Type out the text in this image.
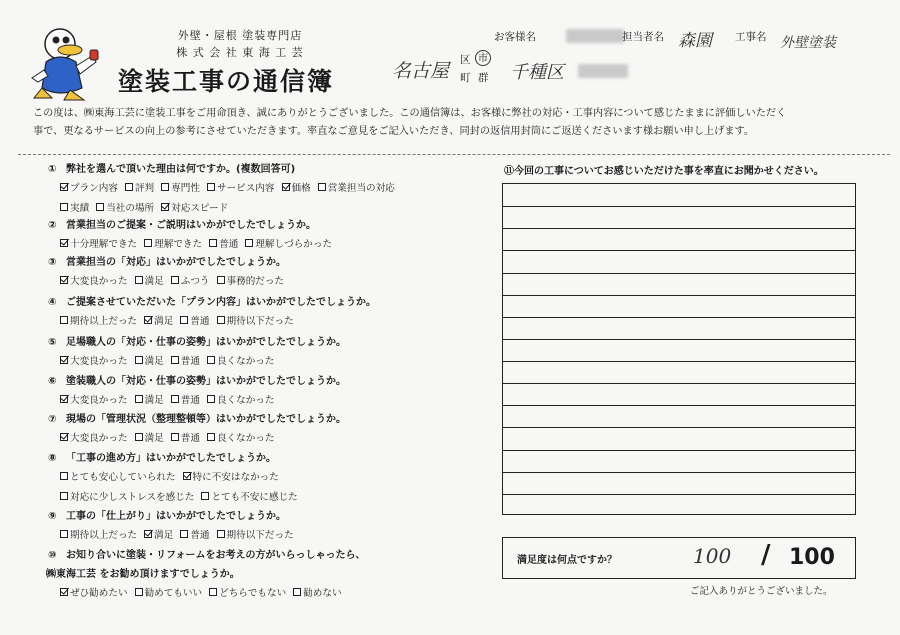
外壁・屋根 塗装専門店
株 式 会 社 東 海 工 芸
塗装工事の通信簿	名古屋 区 市
町 群 千種区
お客様名	担当者名 森園 工事名 外壁塗装
この度は、㈱東海工芸に塗装工事をご用命頂き、誠にありがとうございました。この通信簿は、お客様に弊社の対応・工事内容について感じたままに評価しいただく
事で、更なるサービスの向上の参考にさせていただきます。率直なご意見をご記入いただき、同封の返信用封筒にご返送くださいます様お願い申し上げます。
① 弊社を選んで頂いた理由は何ですか。(複数回答可)
プラン内容 評判 専門性 サービス内容 価格 営業担当の対応
実績 当社の場所 対応スピード
② 営業担当のご提案・ご説明はいかがでしたでしょうか。
十分理解できた 理解できた 普通 理解しづらかった
③ 営業担当の「対応」はいかがでしたでしょうか。
大変良かった 満足 ふつう 事務的だった
④ ご提案させていただいた「プラン内容」はいかがでしたでしょうか。
期待以上だった 満足 普通 期待以下だった
⑤ 足場職人の「対応・仕事の姿勢」はいかがでしたでしょうか。
大変良かった 満足 普通 良くなかった
⑥ 塗装職人の「対応・仕事の姿勢」はいかがでしたでしょうか。
大変良かった 満足 普通 良くなかった
⑦ 現場の「管理状況（整理整頓等）はいかがでしたでしょうか。
大変良かった 満足 普通 良くなかった
⑧ 「工事の進め方」はいかがでしたでしょうか。
とても安心していられた 特に不安はなかった
対応に少しストレスを感じた とても不安に感じた
⑨ 工事の「仕上がり」はいかがでしたでしょうか。
期待以上だった 満足 普通 期待以下だった
⑩ お知り合いに塗装・リフォームをお考えの方がいらっしゃったら、
㈱東海工芸 をお勧め頂けますでしょうか。
ぜひ勧めたい 勧めてもいい どちらでもない 勧めない
⑪今回の工事についてお感じいただけた事を率直にお聞かせください。
満足度は何点ですか？	100 / 100
ご記入ありがとうございました。
